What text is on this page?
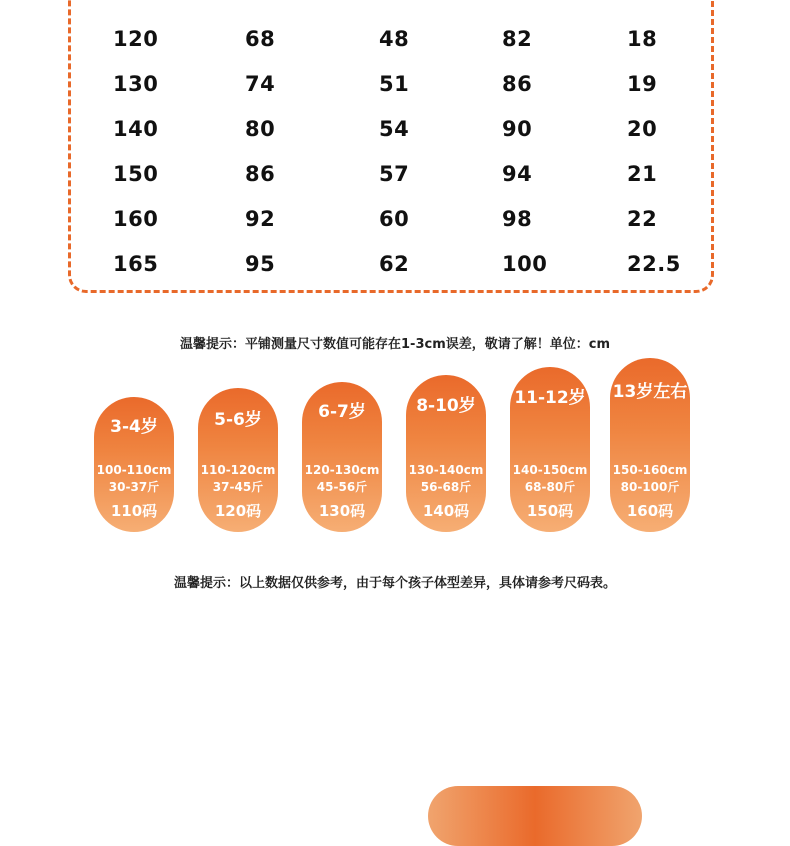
120	68	48	82	18
130	74	51	86	19
140	80	54	90	20
150	86	57	94	21
160	92	60	98	22
165	95	62	100	22.5
温馨提示：平铺测量尺寸数值可能存在1-3cm误差，敬请了解！单位：cm
3-4岁
100-110cm
30-37斤
110码
5-6岁
110-120cm
37-45斤
120码
6-7岁
120-130cm
45-56斤
130码
8-10岁
130-140cm
56-68斤
140码
11-12岁
140-150cm
68-80斤
150码
13岁左右
150-160cm
80-100斤
160码
温馨提示：以上数据仅供参考，由于每个孩子体型差异，具体请参考尺码表。
